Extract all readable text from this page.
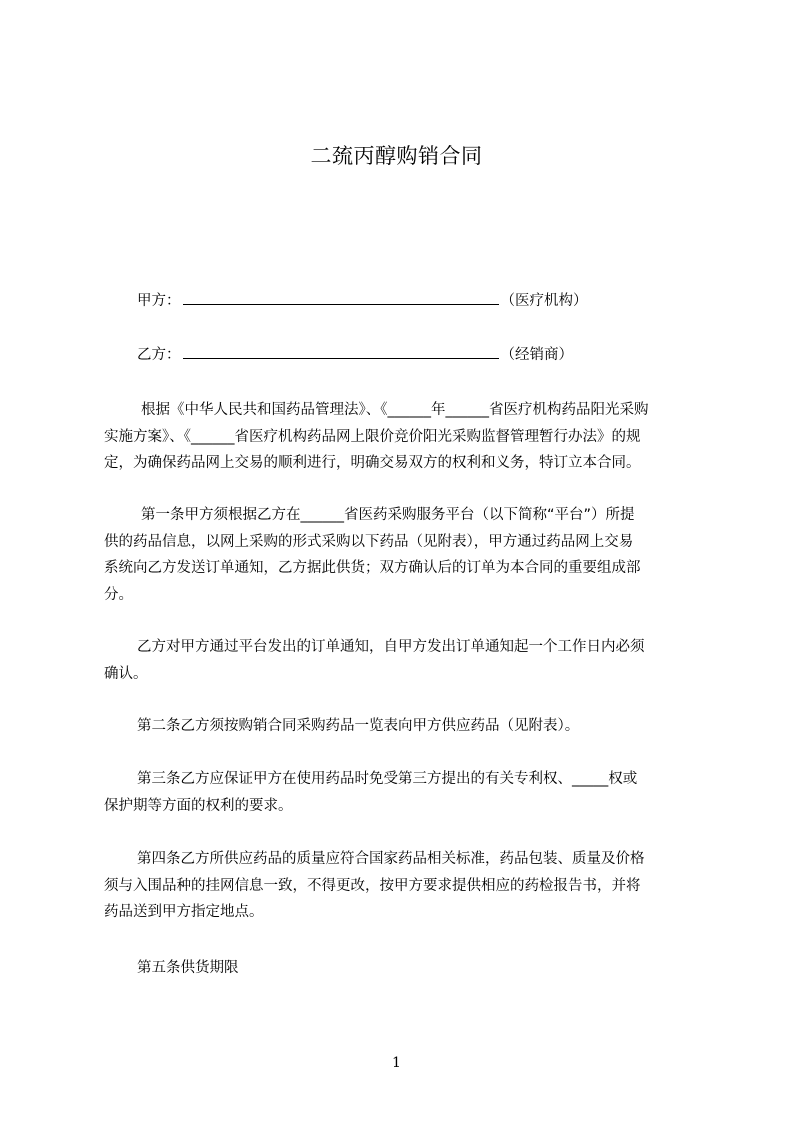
二巯丙醇购销合同
甲方：	（医疗机构）
乙方：	（经销商）
根据《中华人民共和国药品管理法》、《______年______省医疗机构药品阳光采购
实施方案》、《______省医疗机构药品网上限价竞价阳光采购监督管理暂行办法》的规
定，为确保药品网上交易的顺利进行，明确交易双方的权利和义务，特订立本合同。
第一条甲方须根据乙方在______省医药采购服务平台（以下简称“平台”）所提
供的药品信息，以网上采购的形式采购以下药品（见附表），甲方通过药品网上交易
系统向乙方发送订单通知，乙方据此供货；双方确认后的订单为本合同的重要组成部
分。
乙方对甲方通过平台发出的订单通知，自甲方发出订单通知起一个工作日内必须
确认。
第二条乙方须按购销合同采购药品一览表向甲方供应药品（见附表）。
第三条乙方应保证甲方在使用药品时免受第三方提出的有关专利权、_____权或
保护期等方面的权利的要求。
第四条乙方所供应药品的质量应符合国家药品相关标准，药品包装、质量及价格
须与入围品种的挂网信息一致，不得更改，按甲方要求提供相应的药检报告书，并将
药品送到甲方指定地点。
第五条供货期限
1
